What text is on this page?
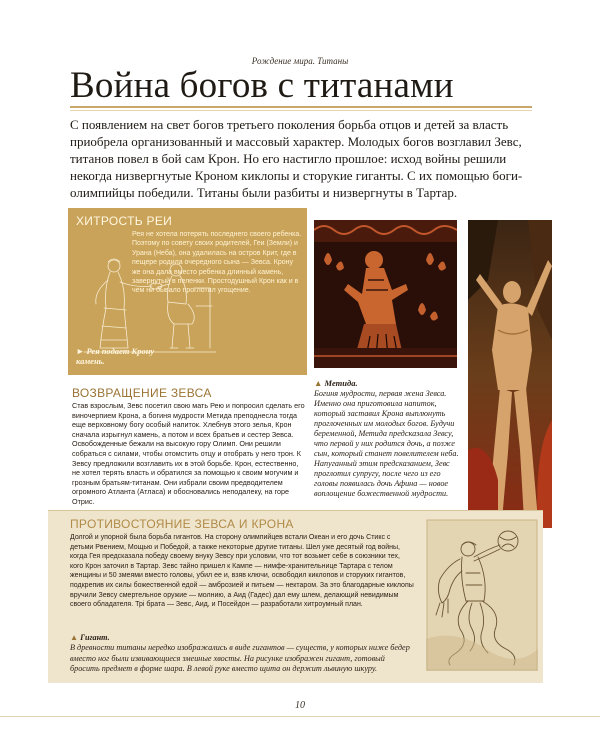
Рождение мира. Титаны
Война богов с титанами
С появлением на свет богов третьего поколения борьба отцов и детей за власть приобрела организованный и массовый характер. Молодых богов возглавил Зевс, титанов повел в бой сам Крон. Но его настигло прошлое: исход войны решили некогда низвергнутые Кроном киклопы и сторукие гиганты. С их помощью боги-олимпийцы победили. Титаны были разбиты и низвергнуты в Тартар.
ХИТРОСТЬ РЕИ
Рея не хотела потерять последнего своего ребенка. Поэтому по совету своих родителей, Геи (Земли) и Урана (Неба), она удалилась на остров Крит, где в пещере родила очередного сына — Зевса. Крону же она дала вместо ребенка длинный камень, завернутый в пеленки. Простодушный Крон как и в чем ни бывало проглотил угощение.
► Рея подает Крону камень.
ВОЗВРАЩЕНИЕ ЗЕВСА
Став взрослым, Зевс посетил свою мать Рею и попросил сделать его виночерпием Крона, а богиня мудрости Метида преподнесла тогда еще верховному богу особый напиток. Хлебнув этого зелья, Крон сначала изрыгнул камень, а потом и всех братьев и сестер Зевса. Освобожденные бежали на высокую гору Олимп. Они решили собраться с силами, чтобы отомстить отцу и отобрать у него трон. К Зевсу предложили возглавить их в этой борьбе. Крон, естественно, не хотел терять власть и обратился за помощью к своим могучим и грозным братьям-титанам. Они избрали своим предводителем огромного Атланта (Атласа) и обосновались неподалеку, на горе Отрис.
▲ Метида.
Богиня мудрости, первая жена Зевса. Именно она приготовила напиток, который заставил Крона выплюнуть проглоченных им молодых богов. Будучи беременной, Метида предсказала Зевсу, что первой у них родится дочь, а позже сын, который станет повелителем неба. Напуганный этим предсказанием, Зевс проглотил супругу, после чего из его головы появилась дочь Афина — новое воплощение божественной мудрости.
ПРОТИВОСТОЯНИЕ ЗЕВСА И КРОНА
Долгой и упорной была борьба гигантов. На сторону олимпийцев встали Океан и его дочь Стикс с детьми Рвением, Мощью и Победой, а также некоторые другие титаны. Шел уже десятый год войны, когда Гея предсказала победу своему внуку Зевсу при условии, что тот возьмет себе в союзники тех, кого Крон заточил в Тартар. Зевс тайно пришел к Кампе — нимфе-хранительнице Тартара с телом женщины и 50 змеями вместо головы, убил ее и, взяв ключи, освободил киклопов и сторуких гигантов, подкрепив их силы божественной едой — амброзией и питьем — нектаром. За это благодарные киклопы вручили Зевсу смертельное оружие — молнию, а Аид (Гадес) дал ему шлем, делающий невидимым своего обладателя. Трi брата — Зевс, Аид, и Посейдон — разработали хитроумный план.
▲ Гигант.
В древности титаны нередко изображались в виде гигантов — существ, у которых ниже бедер вместо ног были извивающиеся змеиные хвосты. На рисунке изображен гигант, готовый бросить предмет в форме шара. В левой руке вместо щита он держит львиную шкуру.
10
